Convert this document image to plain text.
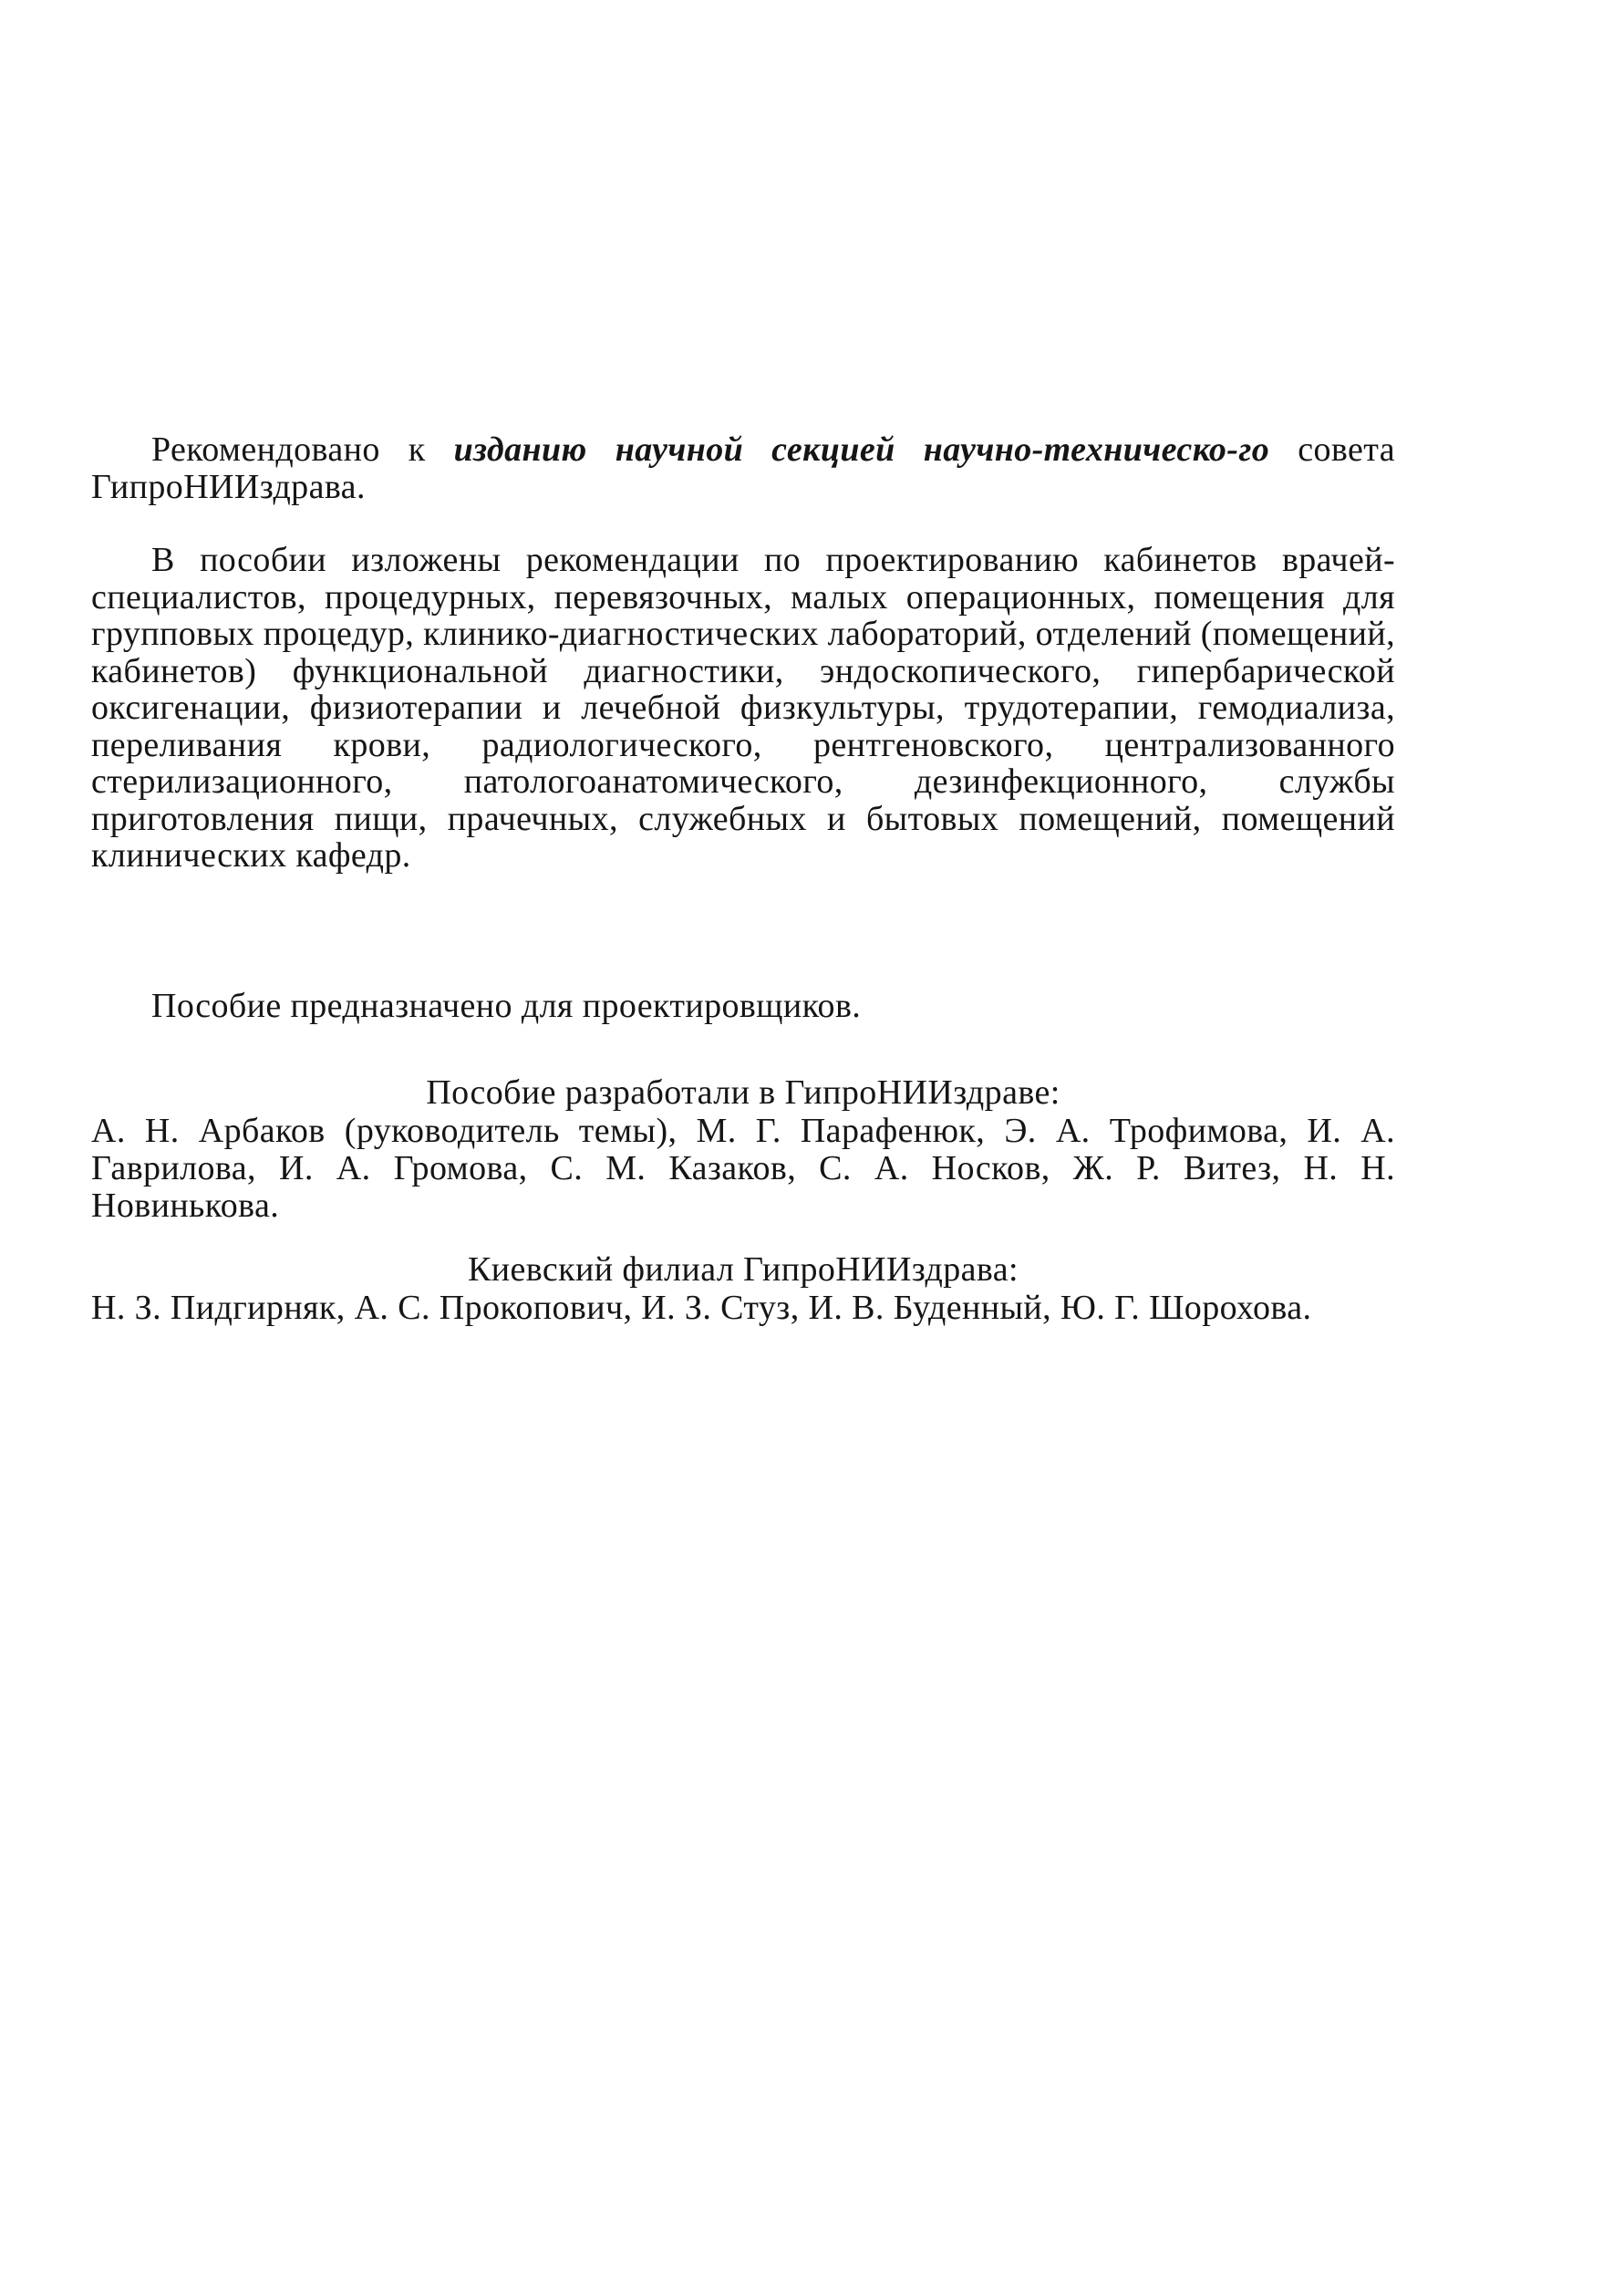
Рекомендовано к изданию научной секцией научно-техническо-го совета ГипроНИИздрава.

В пособии изложены рекомендации по проектированию кабинетов врачей-специалистов, процедурных, перевязочных, малых операционных, помещения для групповых процедур, клинико-диагностических лабораторий, отделений (помещений, кабинетов) функциональной диагностики, эндоскопического, гипербарической оксигенации, физиотерапии и лечебной физкультуры, трудотерапии, гемодиализа, переливания крови, радиологического, рентгеновского, централизованного стерилизационного, патологоанатомического, дезинфекционного, службы приготовления пищи, прачечных, служебных и бытовых помещений, помещений клинических кафедр.

Пособие предназначено для проектировщиков.

Пособие разработали в ГипроНИИздраве:

А. Н. Арбаков (руководитель темы), М. Г. Парафенюк, Э. А. Трофимова, И. А. Гаврилова, И. А. Громова, С. М. Казаков, С. А. Носков, Ж. Р. Витез, Н. Н. Новинькова.

Киевский филиал ГипроНИИздрава:

Н. З. Пидгирняк, А. С. Прокопович, И. З. Стуз, И. В. Буденный, Ю. Г. Шорохова.
